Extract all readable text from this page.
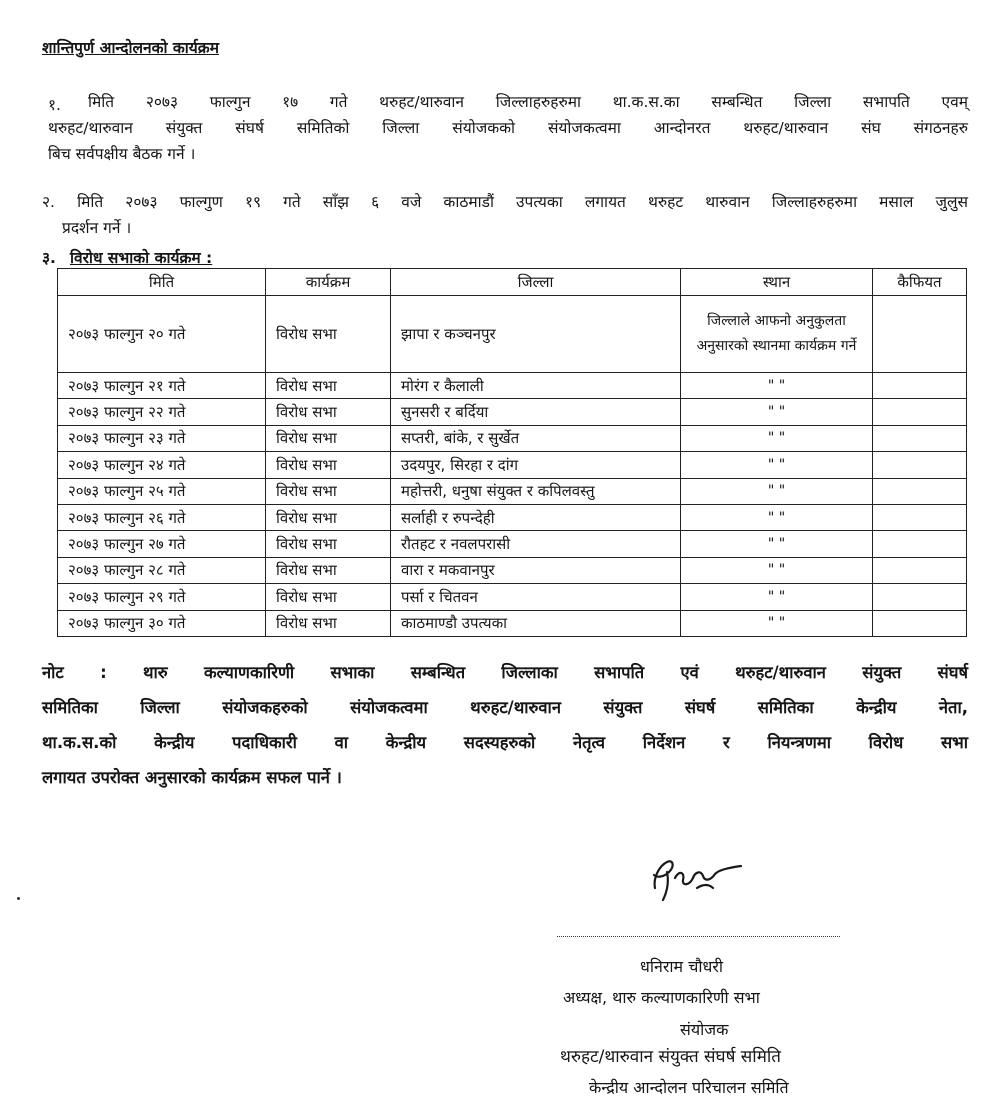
शान्तिपुर्ण आन्दोलनको कार्यक्रम
१. मिति २०७३ फाल्गुन १७ गते थरुहट/थारुवान जिल्लाहरुहरुमा था.क.स.का सम्बन्धित जिल्ला सभापति एवम्
थरुहट/थारुवान संयुक्त संघर्ष समितिको जिल्ला संयोजकको संयोजकत्वमा आन्दोनरत थरुहट/थारुवान संघ संगठनहरु
बिच सर्वपक्षीय बैठक गर्ने ।
२. मिति २०७३ फाल्गुण १९ गते साँझ ६ वजे काठमाडौं उपत्यका लगायत थरुहट थारुवान जिल्लाहरुहरुमा मसाल जुलुस
प्रदर्शन गर्ने ।
३. विरोध सभाको कार्यक्रम :
मिति	कार्यक्रम	जिल्ला	स्थान	कैफियत
२०७३ फाल्गुन २० गते	विरोध सभा	झापा र कञ्चनपुर	जिल्लाले आफनो अनुकुलता अनुसारको स्थानमा कार्यक्रम गर्ने	
२०७३ फाल्गुन २१ गते	विरोध सभा	मोरंग र कैलाली	" "	
२०७३ फाल्गुन २२ गते	विरोध सभा	सुनसरी र बर्दिया	" "	
२०७३ फाल्गुन २३ गते	विरोध सभा	सप्तरी, बांके, र सुर्खेत	" "	
२०७३ फाल्गुन २४ गते	विरोध सभा	उदयपुर, सिरहा र दांग	" "	
२०७३ फाल्गुन २५ गते	विरोध सभा	महोत्तरी, धनुषा संयुक्त र कपिलवस्तु	" "	
२०७३ फाल्गुन २६ गते	विरोध सभा	सर्लाही र रुपन्देही	" "	
२०७३ फाल्गुन २७ गते	विरोध सभा	रौतहट र नवलपरासी	" "	
२०७३ फाल्गुन २८ गते	विरोध सभा	वारा र मकवानपुर	" "	
२०७३ फाल्गुन २९ गते	विरोध सभा	पर्सा र चितवन	" "	
२०७३ फाल्गुन ३० गते	विरोध सभा	काठमाण्डौ उपत्यका	" "	
नोट : थारु कल्याणकारिणी सभाका सम्बन्धित जिल्लाका सभापति एवं थरुहट/थारुवान संयुक्त संघर्ष
समितिका जिल्ला संयोजकहरुको संयोजकत्वमा थरुहट/थारुवान संयुक्त संघर्ष समितिका केन्द्रीय नेता,
था.क.स.को केन्द्रीय पदाधिकारी वा केन्द्रीय सदस्यहरुको नेतृत्व निर्देशन र नियन्त्रणमा विरोध सभा
लगायत उपरोक्त अनुसारको कार्यक्रम सफल पार्ने ।
धनिराम चौधरी
अध्यक्ष, थारु कल्याणकारिणी सभा
संयोजक
थरुहट/थारुवान संयुक्त संघर्ष समिति
केन्द्रीय आन्दोलन परिचालन समिति
